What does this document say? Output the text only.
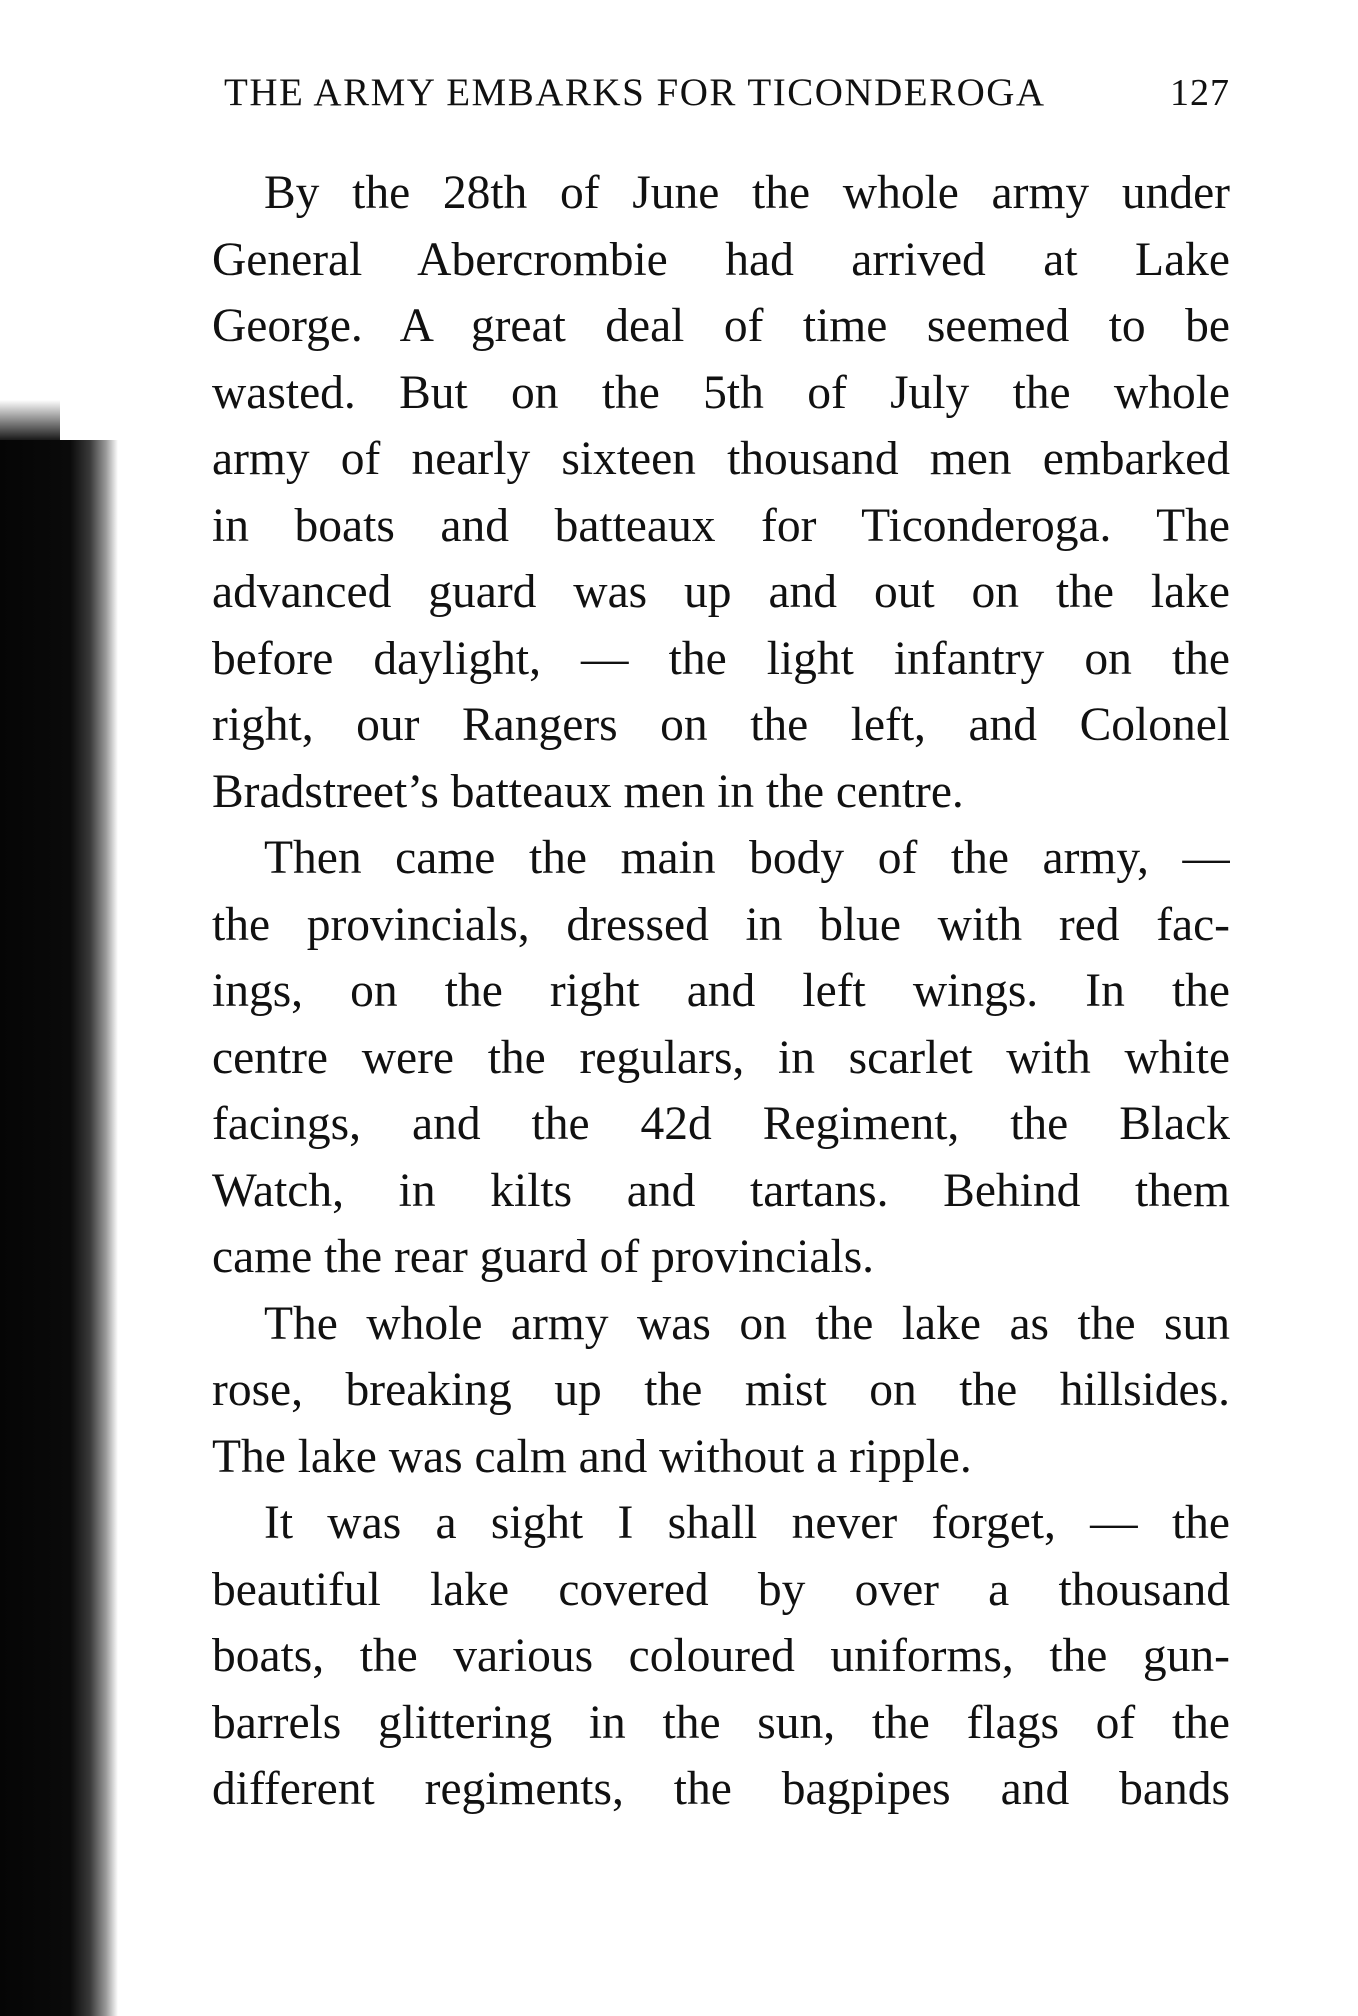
THE ARMY EMBARKS FOR TICONDEROGA	127
By the 28th of June the whole army under
General Abercrombie had arrived at Lake
George. A great deal of time seemed to be
wasted. But on the 5th of July the whole
army of nearly sixteen thousand men embarked
in boats and batteaux for Ticonderoga. The
advanced guard was up and out on the lake
before daylight, — the light infantry on the
right, our Rangers on the left, and Colonel
Bradstreet’s batteaux men in the centre.
Then came the main body of the army, —
the provincials, dressed in blue with red fac-
ings, on the right and left wings. In the
centre were the regulars, in scarlet with white
facings, and the 42d Regiment, the Black
Watch, in kilts and tartans. Behind them
came the rear guard of provincials.
The whole army was on the lake as the sun
rose, breaking up the mist on the hillsides.
The lake was calm and without a ripple.
It was a sight I shall never forget, — the
beautiful lake covered by over a thousand
boats, the various coloured uniforms, the gun-
barrels glittering in the sun, the flags of the
different regiments, the bagpipes and bands
